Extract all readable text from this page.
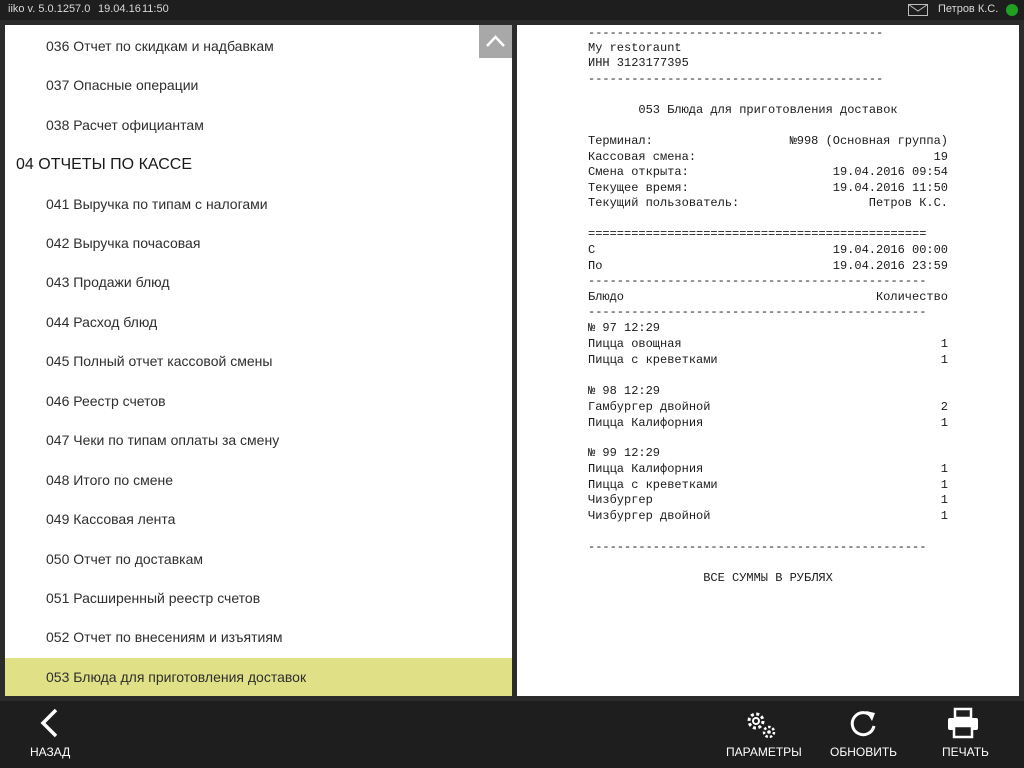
iiko v. 5.0.1257.0 19.04.16 11:50	Петров К.С.
036 Отчет по скидкам и надбавкам
037 Опасные операции
038 Расчет официантам
04 ОТЧЕТЫ ПО КАССЕ
041 Выручка по типам с налогами
042 Выручка почасовая
043 Продажи блюд
044 Расход блюд
045 Полный отчет кассовой смены
046 Реестр счетов
047 Чеки по типам оплаты за смену
048 Итого по смене
049 Кассовая лента
050 Отчет по доставкам
051 Расширенный реестр счетов
052 Отчет по внесениям и изъятиям
053 Блюда для приготовления доставок
-----------------------------------------
My restoraunt
ИНН 3123177395
-----------------------------------------
053 Блюда для приготовления доставок
Терминал:	№998 (Основная группа)
Кассовая смена:	19
Смена открыта:	19.04.2016 09:54
Текущее время:	19.04.2016 11:50
Текущий пользователь:	Петров К.С.
===============================================
С	19.04.2016 00:00
По	19.04.2016 23:59
-----------------------------------------------
Блюдо	Количество
-----------------------------------------------
№ 97 12:29
Пицца овощная	1
Пицца с креветками	1
№ 98 12:29
Гамбургер двойной	2
Пицца Калифорния	1
№ 99 12:29
Пицца Калифорния	1
Пицца с креветками	1
Чизбургер	1
Чизбургер двойной	1
-----------------------------------------------
ВСЕ СУММЫ В РУБЛЯХ
НАЗАД	ПАРАМЕТРЫ ОБНОВИТЬ	ПЕЧАТЬ
